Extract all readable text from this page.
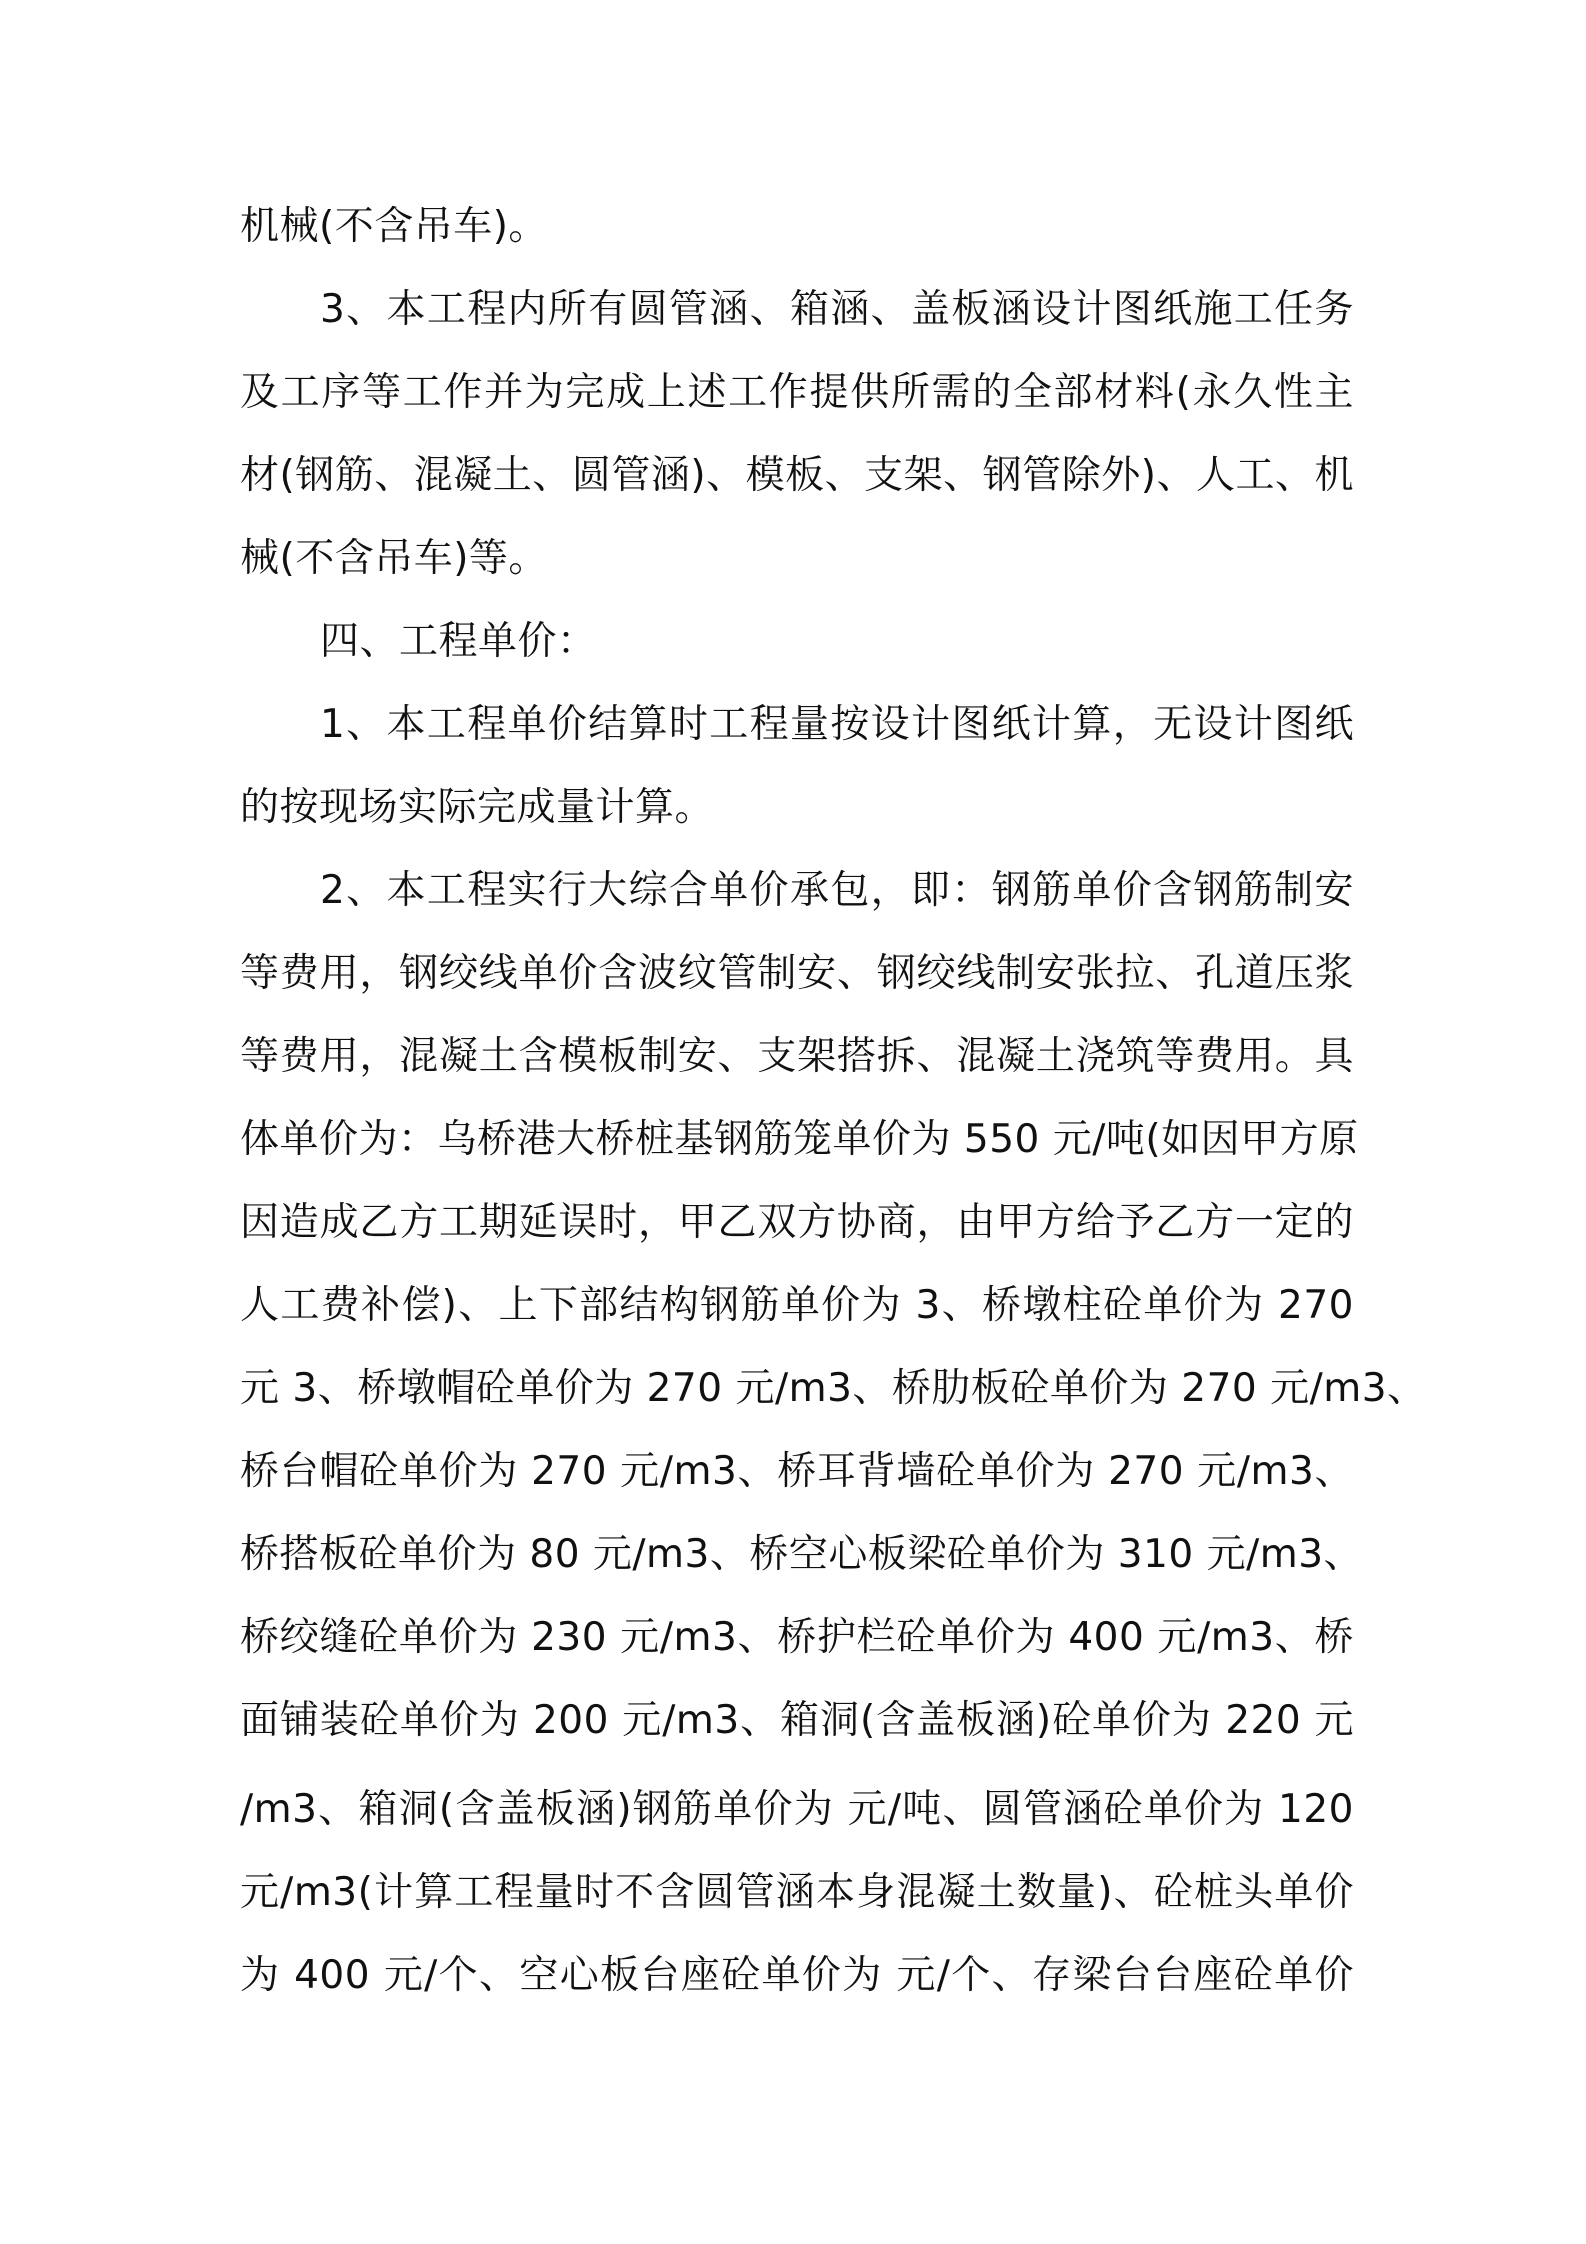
机械(不含吊车)。
3、本工程内所有圆管涵、箱涵、盖板涵设计图纸施工任务
及工序等工作并为完成上述工作提供所需的全部材料(永久性主
材(钢筋、混凝土、圆管涵)、模板、支架、钢管除外)、人工、机
械(不含吊车)等。
四、工程单价：
1、本工程单价结算时工程量按设计图纸计算，无设计图纸
的按现场实际完成量计算。
2、本工程实行大综合单价承包，即：钢筋单价含钢筋制安
等费用，钢绞线单价含波纹管制安、钢绞线制安张拉、孔道压浆
等费用，混凝土含模板制安、支架搭拆、混凝土浇筑等费用。具
体单价为：乌桥港大桥桩基钢筋笼单价为 550 元/吨(如因甲方原
因造成乙方工期延误时，甲乙双方协商，由甲方给予乙方一定的
人工费补偿)、上下部结构钢筋单价为 3、桥墩柱砼单价为 270
元 3、桥墩帽砼单价为 270 元/m3、桥肋板砼单价为 270 元/m3、
桥台帽砼单价为 270 元/m3、桥耳背墙砼单价为 270 元/m3、
桥搭板砼单价为 80 元/m3、桥空心板梁砼单价为 310 元/m3、
桥绞缝砼单价为 230 元/m3、桥护栏砼单价为 400 元/m3、桥
面铺装砼单价为 200 元/m3、箱洞(含盖板涵)砼单价为 220 元
/m3、箱洞(含盖板涵)钢筋单价为 元/吨、圆管涵砼单价为 120
元/m3(计算工程量时不含圆管涵本身混凝土数量)、砼桩头单价
为 400 元/个、空心板台座砼单价为 元/个、存梁台台座砼单价
